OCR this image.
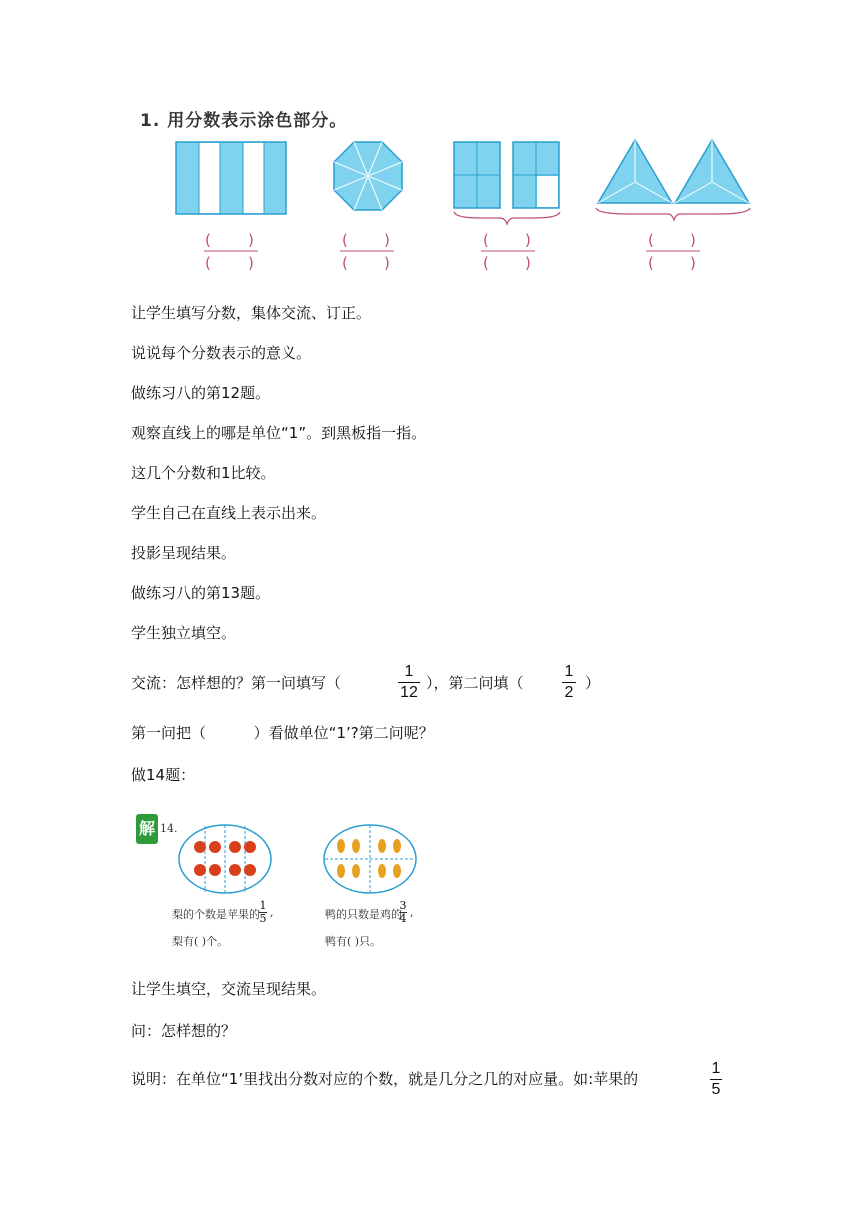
1. 用分数表示涂色部分。
( )
( )
( )
( )
( )
( )
( )
( )
让学生填写分数，集体交流、订正。
说说每个分数表示的意义。
做练习八的第12题。
观察直线上的哪是单位“1”。到黑板指一指。
这几个分数和1比较。
学生自己在直线上表示出来。
投影呈现结果。
做练习八的第13题。
学生独立填空。
交流：怎样想的？第一问填写（
1
12
），第二问填（
1
2
）
第一问把（          ）看做单位“1’?第二问呢？
做14题：
解 14.
梨的个数是苹果的
1
5 ,
梨有( )个。
鸭的只数是鸡的
3
4 ,
鸭有( )只。
让学生填空，交流呈现结果。
问：怎样想的？
说明：在单位“1’里找出分数对应的个数，就是几分之几的对应量。如:苹果的
1
5
